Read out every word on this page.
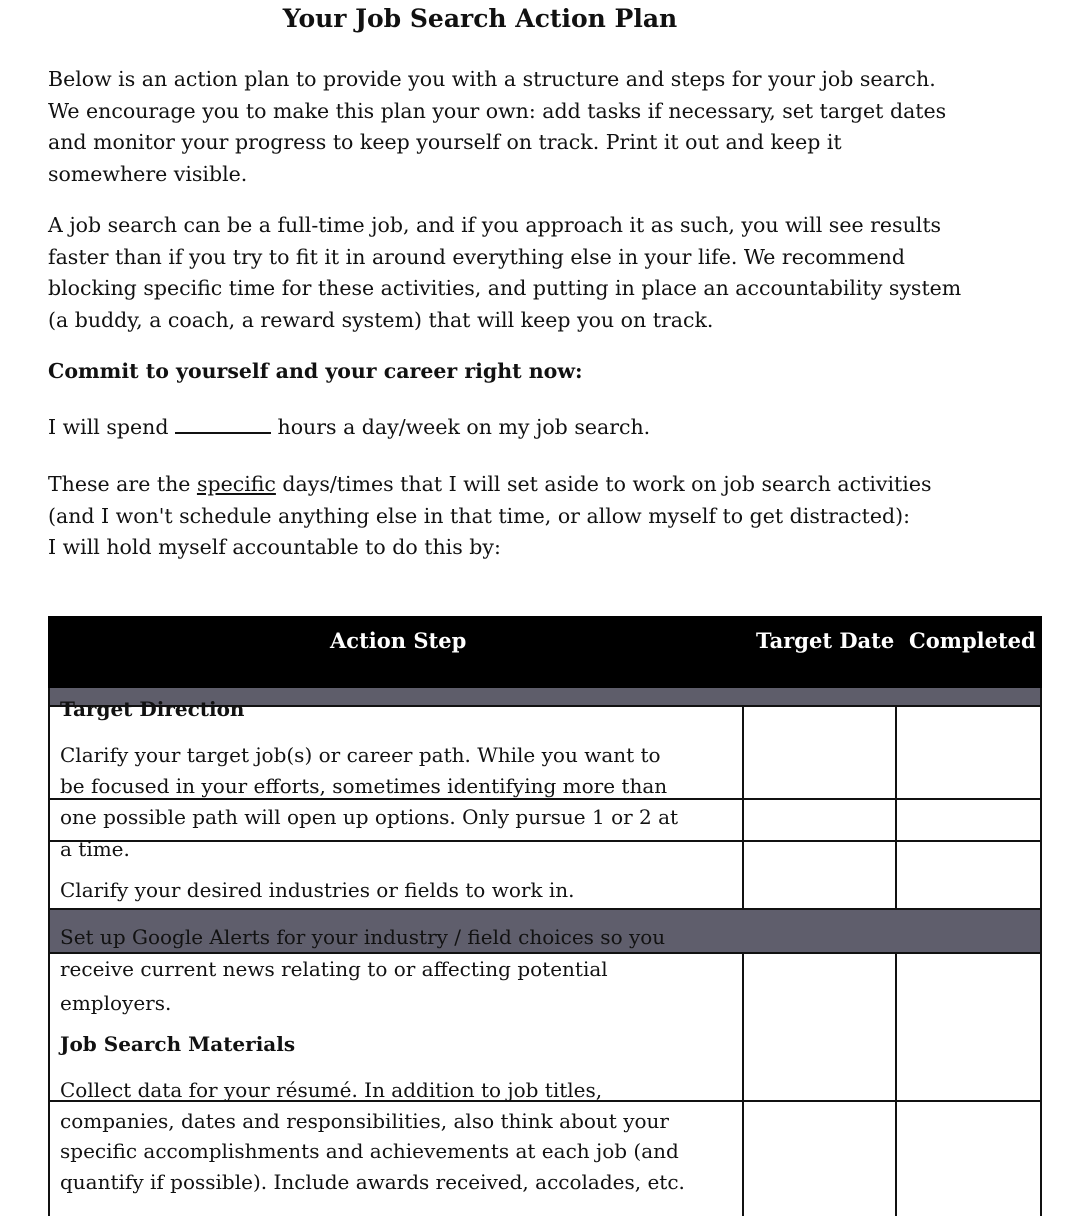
Your Job Search Action Plan
Below is an action plan to provide you with a structure and steps for your job search.
We encourage you to make this plan your own: add tasks if necessary, set target dates
and monitor your progress to keep yourself on track. Print it out and keep it
somewhere visible.
A job search can be a full-time job, and if you approach it as such, you will see results
faster than if you try to fit it in around everything else in your life. We recommend
blocking specific time for these activities, and putting in place an accountability system
(a buddy, a coach, a reward system) that will keep you on track.
Commit to yourself and your career right now:
I will spend	hours a day/week on my job search.
These are the specific days/times that I will set aside to work on job search activities
(and I won't schedule anything else in that time, or allow myself to get distracted):
I will hold myself accountable to do this by:
Action Step	Target Date Completed
Target Direction
Clarify your target job(s) or career path. While you want to
be focused in your efforts, sometimes identifying more than
one possible path will open up options. Only pursue 1 or 2 at
a time.
Clarify your desired industries or fields to work in.
Set up Google Alerts for your industry / field choices so you
receive current news relating to or affecting potential
employers.
Job Search Materials
Collect data for your résumé. In addition to job titles,
companies, dates and responsibilities, also think about your
specific accomplishments and achievements at each job (and
quantify if possible). Include awards received, accolades, etc.
